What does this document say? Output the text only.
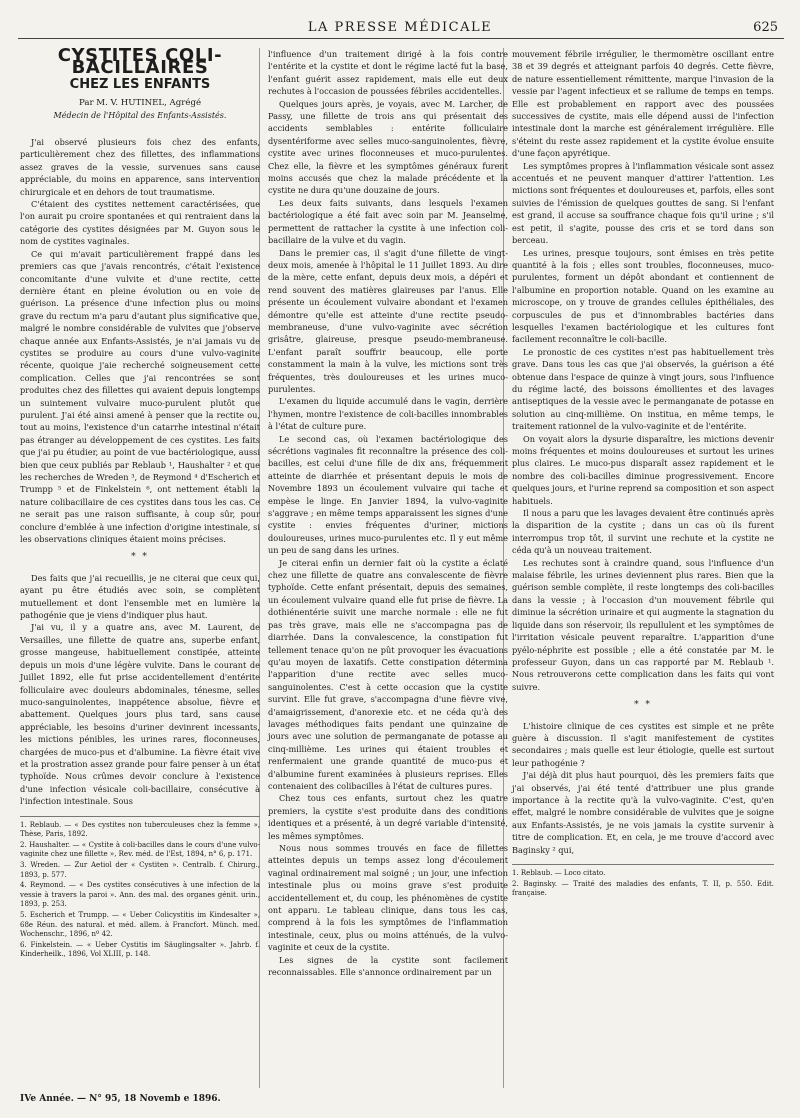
LA PRESSE MÉDICALE	625
CYSTITES COLI-BACILLAIRES
CHEZ LES ENFANTS
Par M. V. HUTINEL, Agrégé
Médecin de l'Hôpital des Enfants-Assistés.

J'ai observé plusieurs fois chez des enfants, particulièrement chez des fillettes, des inflammations assez graves de la vessie, survenues sans cause appréciable, du moins en apparence, sans intervention chirurgicale et en dehors de tout traumatisme.

C'étaient des cystites nettement caractérisées, que l'on aurait pu croire spontanées et qui rentraient dans la catégorie des cystites désignées par M. Guyon sous le nom de cystites vaginales.

Ce qui m'avait particulièrement frappé dans les premiers cas que j'avais rencontrés, c'était l'existence concomitante d'une vulvite et d'une rectite, cette dernière étant en pleine évolution ou en voie de guérison. La présence d'une infection plus ou moins grave du rectum m'a paru d'autant plus significative que, malgré le nombre considérable de vulvites que j'observe chaque année aux Enfants-Assistés, je n'ai jamais vu de cystites se produire au cours d'une vulvo-vaginite récente, quoique j'aie recherché soigneusement cette complication. Celles que j'ai rencontrées se sont produites chez des fillettes qui avaient depuis longtemps un suintement vulvaire muco-purulent plutôt que purulent. J'ai été ainsi amené à penser que la rectite ou, tout au moins, l'existence d'un catarrhe intestinal n'était pas étranger au développement de ces cystites. Les faits que j'ai pu étudier, au point de vue bactériologique, aussi bien que ceux publiés par Reblaub ¹, Haushalter ² et que les recherches de Wreden ³, de Reymond ⁴ d'Escherich et Trumpp ⁵ et de Finkelstein ⁶, ont nettement établi la nature colibacillaire de ces cystites dans tous les cas. Ce ne serait pas une raison suffisante, à coup sûr, pour conclure d'emblée à une infection d'origine intestinale, si les observations cliniques étaient moins précises.

* *

Des faits que j'ai recueillis, je ne citerai que ceux qui, ayant pu être étudiés avec soin, se complètent mutuellement et dont l'ensemble met en lumière la pathogénie que je viens d'indiquer plus haut.

J'ai vu, il y a quatre ans, avec M. Laurent, de Versailles, une fillette de quatre ans, superbe enfant, grosse mangeuse, habituellement constipée, atteinte depuis un mois d'une légère vulvite. Dans le courant de Juillet 1892, elle fut prise accidentellement d'entérite folliculaire avec douleurs abdominales, ténesme, selles muco-sanguinolentes, inappétence absolue, fièvre et abattement. Quelques jours plus tard, sans cause appréciable, les besoins d'uriner devinrent incessants, les mictions pénibles, les urines rares, floconneuses, chargées de muco-pus et d'albumine. La fièvre était vive et la prostration assez grande pour faire penser à un état typhoïde. Nous crûmes devoir conclure à l'existence d'une infection vésicale coli-bacillaire, consécutive à l'infection intestinale. Sous

1. Reblaub. — « Des cystites non tuberculeuses chez la femme », Thèse, Paris, 1892.
2. Haushalter. — « Cystite à coli-bacilles dans le cours d'une vulvo-vaginite chez une fillette », Rev. méd. de l'Est, 1894, n° 6, p. 171.
3. Wreden. — Zur Aetiol der « Cystiten ». Centralb. f. Chirurg., 1893, p. 577.
4. Reymond. — « Des cystites consécutives à une infection de la vessie à travers la paroi ». Ann. des mal. des organes génit. urin., 1893, p. 253.
5. Escherich et Trumpp. — « Ueber Colicystitis im Kindesalter », 68e Réun. des natural. et méd. allem. à Francfort. Münch. med. Wochenschr., 1896, nº 42.
6. Finkelstein. — « Ueber Cystitis im Säuglingsalter ». Jahrb. f. Kinderheilk., 1896, Vol XLIII, p. 148.

l'influence d'un traitement dirigé à la fois contre l'entérite et la cystite et dont le régime lacté fut la base, l'enfant guérit assez rapidement, mais elle eut deux rechutes à l'occasion de poussées fébriles accidentelles.

Quelques jours après, je voyais, avec M. Larcher, de Passy, une fillette de trois ans qui présentait des accidents semblables : entérite folliculaire dysentériforme avec selles muco-sanguinolentes, fièvre, cystite avec urines floconneuses et muco-purulentes. Chez elle, la fièvre et les symptômes généraux furent moins accusés que chez la malade précédente et la cystite ne dura qu'une douzaine de jours.

Les deux faits suivants, dans lesquels l'examen bactériologique a été fait avec soin par M. Jeanselme, permettent de rattacher la cystite à une infection coli-bacillaire de la vulve et du vagin.

Dans le premier cas, il s'agit d'une fillette de vingt-deux mois, amenée à l'hôpital le 11 Juillet 1893. Au dire de la mère, cette enfant, depuis deux mois, a dépéri et rend souvent des matières glaireuses par l'anus. Elle présente un écoulement vulvaire abondant et l'examen démontre qu'elle est atteinte d'une rectite pseudo-membraneuse, d'une vulvo-vaginite avec sécrétion grisâtre, glaireuse, presque pseudo-membraneuse. L'enfant paraît souffrir beaucoup, elle porte constamment la main à la vulve, les mictions sont très fréquentes, très douloureuses et les urines muco-purulentes.

L'examen du liquide accumulé dans le vagin, derrière l'hymen, montre l'existence de coli-bacilles innombrables à l'état de culture pure.

Le second cas, où l'examen bactériologique des sécrétions vaginales fit reconnaître la présence des coli-bacilles, est celui d'une fille de dix ans, fréquemment atteinte de diarrhée et présentant depuis le mois de Novembre 1893 un écoulement vulvaire qui tache et empèse le linge. En Janvier 1894, la vulvo-vaginite s'aggrave ; en même temps apparaissent les signes d'une cystite : envies fréquentes d'uriner, mictions douloureuses, urines muco-purulentes etc. Il y eut même un peu de sang dans les urines.

Je citerai enfin un dernier fait où la cystite a éclaté chez une fillette de quatre ans convalescente de fièvre typhoïde. Cette enfant présentait, depuis des semaines, un écoulement vulvaire quand elle fut prise de fièvre. La dothiénentérie suivit une marche normale : elle ne fut pas très grave, mais elle ne s'accompagna pas de diarrhée. Dans la convalescence, la constipation fut tellement tenace qu'on ne pût provoquer les évacuations qu'au moyen de laxatifs. Cette constipation détermina l'apparition d'une rectite avec selles muco-sanguinolentes. C'est à cette occasion que la cystite survint. Elle fut grave, s'accompagna d'une fièvre vive, d'amaigrissement, d'anorexie etc. et ne céda qu'à des lavages méthodiques faits pendant une quinzaine de jours avec une solution de permanganate de potasse au cinq-millième. Les urines qui étaient troubles et renfermaient une grande quantité de muco-pus et d'albumine furent examinées à plusieurs reprises. Elles contenaient des colibacilles à l'état de cultures pures.

Chez tous ces enfants, surtout chez les quatre premiers, la cystite s'est produite dans des conditions identiques et a présenté, à un degré variable d'intensité, les mêmes symptômes.

Nous nous sommes trouvés en face de fillettes atteintes depuis un temps assez long d'écoulement vaginal ordinairement mal soigné ; un jour, une infection intestinale plus ou moins grave s'est produite accidentellement et, du coup, les phénomènes de cystite ont apparu. Le tableau clinique, dans tous les cas, comprend à la fois les symptômes de l'inflammation intestinale, ceux, plus ou moins atténués, de la vulvo-vaginite et ceux de la cystite.

Les signes de la cystite sont facilement reconnaissables. Elle s'annonce ordinairement par un

mouvement fébrile irrégulier, le thermomètre oscillant entre 38 et 39 degrés et atteignant parfois 40 degrés. Cette fièvre, de nature essentiellement rémittente, marque l'invasion de la vessie par l'agent infectieux et se rallume de temps en temps. Elle est probablement en rapport avec des poussées successives de cystite, mais elle dépend aussi de l'infection intestinale dont la marche est généralement irrégulière. Elle s'éteint du reste assez rapidement et la cystite évolue ensuite d'une façon apyrétique.

Les symptômes propres à l'inflammation vésicale sont assez accentués et ne peuvent manquer d'attirer l'attention. Les mictions sont fréquentes et douloureuses et, parfois, elles sont suivies de l'émission de quelques gouttes de sang. Si l'enfant est grand, il accuse sa souffrance chaque fois qu'il urine ; s'il est petit, il s'agite, pousse des cris et se tord dans son berceau.

Les urines, presque toujours, sont émises en très petite quantité à la fois ; elles sont troubles, floconneuses, muco-purulentes, forment un dépôt abondant et contiennent de l'albumine en proportion notable. Quand on les examine au microscope, on y trouve de grandes cellules épithéliales, des corpuscules de pus et d'innombrables bactéries dans lesquelles l'examen bactériologique et les cultures font facilement reconnaître le coli-bacille.

Le pronostic de ces cystites n'est pas habituellement très grave. Dans tous les cas que j'ai observés, la guérison a été obtenue dans l'espace de quinze à vingt jours, sous l'influence du régime lacté, des boissons émollientes et des lavages antiseptiques de la vessie avec le permanganate de potasse en solution au cinq-millième. On institua, en même temps, le traitement rationnel de la vulvo-vaginite et de l'entérite.

On voyait alors la dysurie disparaître, les mictions devenir moins fréquentes et moins douloureuses et surtout les urines plus claires. Le muco-pus disparaît assez rapidement et le nombre des coli-bacilles diminue progressivement. Encore quelques jours, et l'urine reprend sa composition et son aspect habituels.

Il nous a paru que les lavages devaient être continués après la disparition de la cystite ; dans un cas où ils furent interrompus trop tôt, il survint une rechute et la cystite ne céda qu'à un nouveau traitement.

Les rechutes sont à craindre quand, sous l'influence d'un malaise fébrile, les urines deviennent plus rares. Bien que la guérison semble complète, il reste longtemps des coli-bacilles dans la vessie ; à l'occasion d'un mouvement fébrile qui diminue la sécrétion urinaire et qui augmente la stagnation du liquide dans son réservoir, ils repullulent et les symptômes de l'irritation vésicale peuvent reparaître. L'apparition d'une pyélo-néphrite est possible ; elle a été constatée par M. le professeur Guyon, dans un cas rapporté par M. Reblaub ¹. Nous retrouverons cette complication dans les faits qui vont suivre.

* *

L'histoire clinique de ces cystites est simple et ne prête guère à discussion. Il s'agit manifestement de cystites secondaires ; mais quelle est leur étiologie, quelle est surtout leur pathogénie ?

J'ai déjà dit plus haut pourquoi, dès les premiers faits que j'ai observés, j'ai été tenté d'attribuer une plus grande importance à la rectite qu'à la vulvo-vaginite. C'est, qu'en effet, malgré le nombre considérable de vulvites que je soigne aux Enfants-Assistés, je ne vois jamais la cystite survenir à titre de complication. Et, en cela, je me trouve d'accord avec Baginsky ² qui,

1. Reblaub. — Loco citato.
2. Baginsky. — Traité des maladies des enfants, T. II, p. 550. Edit. française.
IVe Année. — N° 95, 18 Novemb e 1896.
